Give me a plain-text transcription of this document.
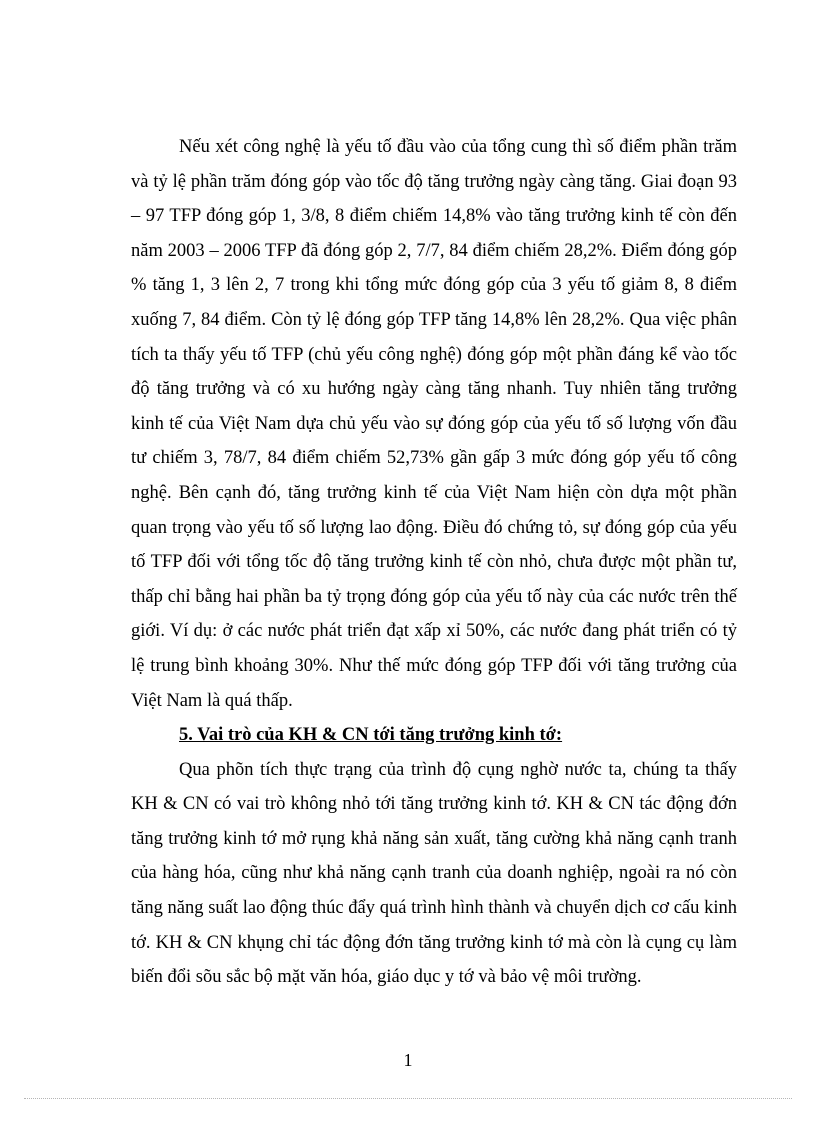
Nếu xét công nghệ là yếu tố đầu vào của tổng cung thì số điểm phần trăm và tỷ lệ phần trăm đóng góp vào tốc độ tăng trưởng ngày càng tăng. Giai đoạn 93 – 97 TFP đóng góp 1, 3/8, 8 điểm chiếm 14,8% vào tăng trưởng kinh tế còn đến năm 2003 – 2006 TFP đã đóng góp 2, 7/7, 84 điểm chiếm 28,2%. Điểm đóng góp % tăng 1, 3 lên 2, 7 trong khi tổng mức đóng góp của 3 yếu tố giảm 8, 8 điểm xuống 7, 84 điểm. Còn tỷ lệ đóng góp TFP tăng 14,8% lên 28,2%. Qua việc phân tích ta thấy yếu tố TFP (chủ yếu công nghệ) đóng góp một phần đáng kể vào tốc độ tăng trưởng và có xu hướng ngày càng tăng nhanh. Tuy nhiên tăng trưởng kinh tế của Việt Nam dựa chủ yếu vào sự đóng góp của yếu tố số lượng vốn đầu tư chiếm 3, 78/7, 84 điểm chiếm 52,73% gần gấp 3 mức đóng góp yếu tố công nghệ. Bên cạnh đó, tăng trưởng kinh tế của Việt Nam hiện còn dựa một phần quan trọng vào yếu tố số lượng lao động. Điều đó chứng tỏ, sự đóng góp của yếu tố TFP đối với tổng tốc độ tăng trưởng kinh tế còn nhỏ, chưa được một phần tư, thấp chỉ bằng hai phần ba tỷ trọng đóng góp của yếu tố này của các nước trên thế giới. Ví dụ: ở các nước phát triển đạt xấp xỉ 50%, các nước đang phát triển có tỷ lệ trung bình khoảng 30%. Như thế mức đóng góp TFP đối với tăng trưởng của Việt Nam là quá thấp.

5. Vai trò của KH & CN tới tăng trưởng kinh tớ:

Qua phõn tích thực trạng của trình độ cụng nghờ nước ta, chúng ta thấy KH & CN có vai trò không nhỏ tới tăng trưởng kinh tớ. KH & CN tác động đớn tăng trưởng kinh tớ mở rụng khả năng sản xuất, tăng cường khả năng cạnh tranh của hàng hóa, cũng như khả năng cạnh tranh của doanh nghiệp, ngoài ra nó còn tăng năng suất lao động thúc đẩy quá trình hình thành và chuyển dịch cơ cấu kinh tớ. KH & CN khụng chỉ tác động đớn tăng trưởng kinh tớ mà còn là cụng cụ làm biến đổi sõu sắc bộ mặt văn hóa, giáo dục y tớ và bảo vệ môi trường.

1
